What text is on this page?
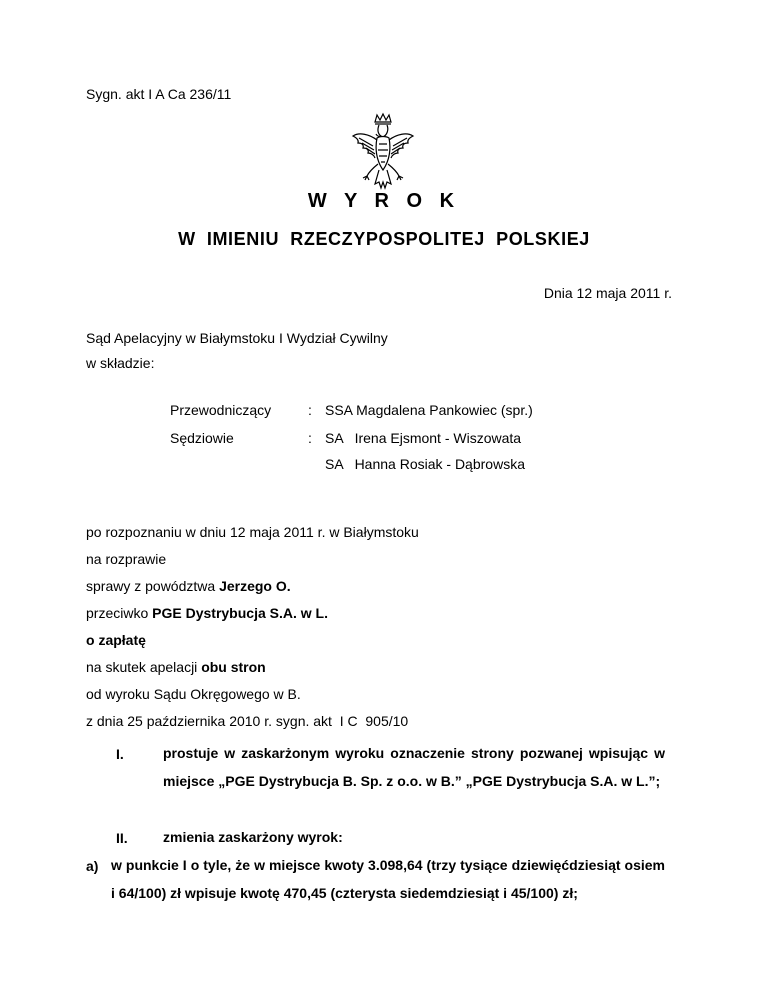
Sygn. akt I A Ca 236/11
W Y R O K
W  IMIENIU  RZECZYPOSPOLITEJ  POLSKIEJ
Dnia 12 maja 2011 r.
Sąd Apelacyjny w Białymstoku I Wydział Cywilny
w składzie:
Przewodniczący	: SSA Magdalena Pankowiec (spr.)
Sędziowie	: SA   Irena Ejsmont - Wiszowata
SA   Hanna Rosiak - Dąbrowska
po rozpoznaniu w dniu 12 maja 2011 r. w Białymstoku
na rozprawie
sprawy z powództwa Jerzego O.
przeciwko PGE Dystrybucja S.A. w L.
o zapłatę
na skutek apelacji obu stron
od wyroku Sądu Okręgowego w B.
z dnia 25 października 2010 r. sygn. akt  I C  905/10
I.	prostuje w zaskarżonym wyroku oznaczenie strony pozwanej wpisując w miejsce „PGE Dystrybucja B. Sp. z o.o. w B.” „PGE Dystrybucja S.A. w L.”;
II.	zmienia zaskarżony wyrok:
a) w punkcie I o tyle, że w miejsce kwoty 3.098,64 (trzy tysiące dziewięćdziesiąt osiem i 64/100) zł wpisuje kwotę 470,45 (czterysta siedemdziesiąt i 45/100) zł;
